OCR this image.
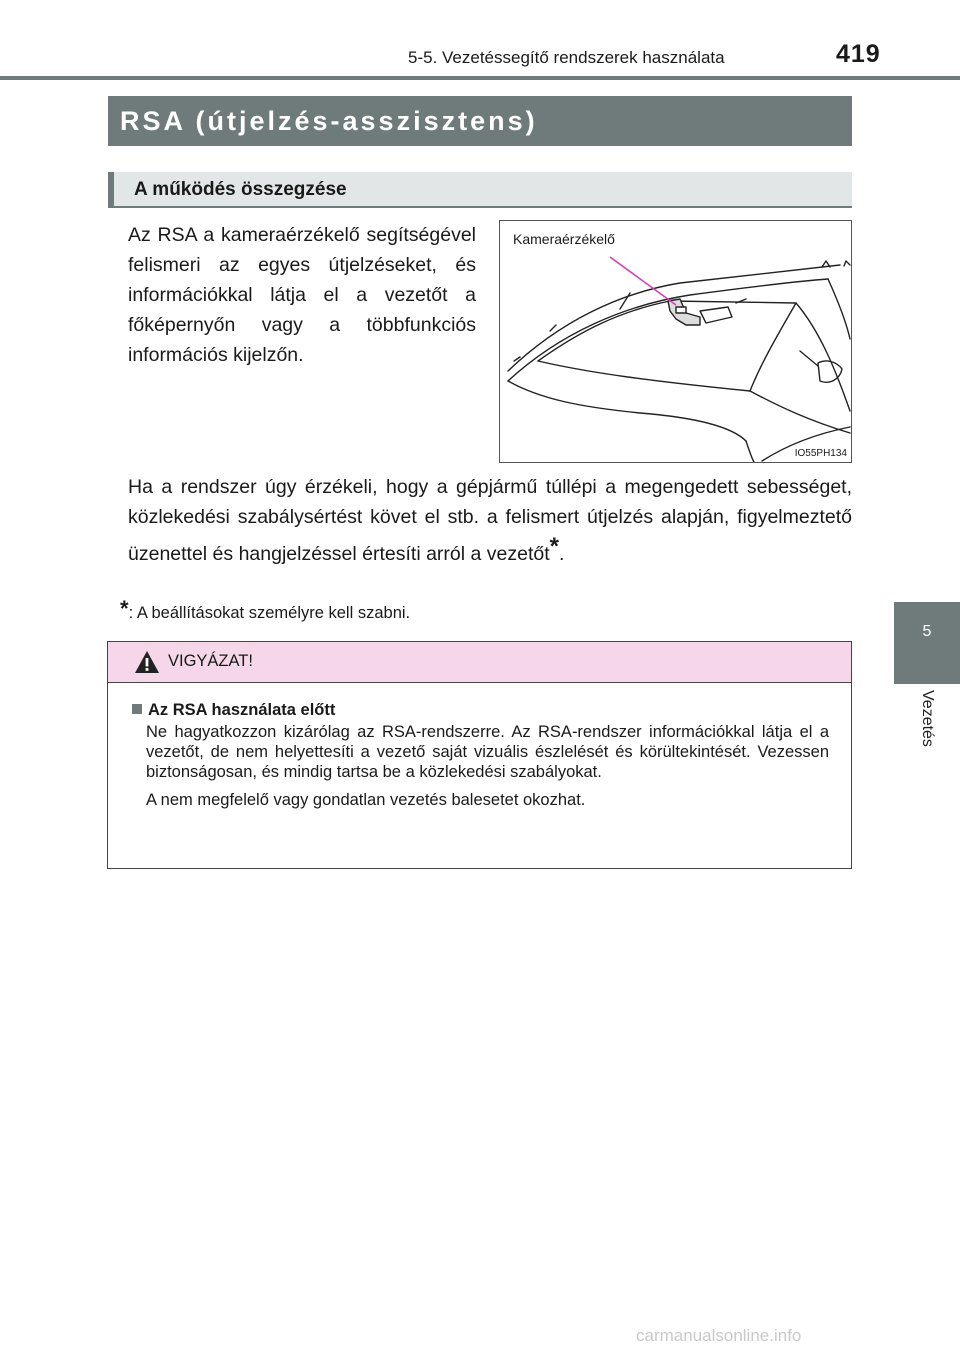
5-5. Vezetéssegítő rendszerek használata	419
5
Vezetés
RSA (útjelzés-asszisztens)
A működés összegzése
Az RSA a kameraérzékelő segítségével felismeri az egyes útjelzéseket, és információkkal látja el a vezetőt a főképernyőn vagy a többfunkciós információs kijelzőn.
Kameraérzékelő
IO55PH134
Ha a rendszer úgy érzékeli, hogy a gépjármű túllépi a megengedett sebességet, közlekedési szabálysértést követ el stb. a felismert útjelzés alapján, figyelmeztető üzenettel és hangjelzéssel értesíti arról a vezetőt*.
*: A beállításokat személyre kell szabni.
VIGYÁZAT!
Az RSA használata előtt
Ne hagyatkozzon kizárólag az RSA-rendszerre. Az RSA-rendszer információkkal látja el a vezetőt, de nem helyettesíti a vezető saját vizuális észlelését és körültekintését. Vezessen biztonságosan, és mindig tartsa be a közlekedési szabályokat.
A nem megfelelő vagy gondatlan vezetés balesetet okozhat.
carmanualsonline.info
